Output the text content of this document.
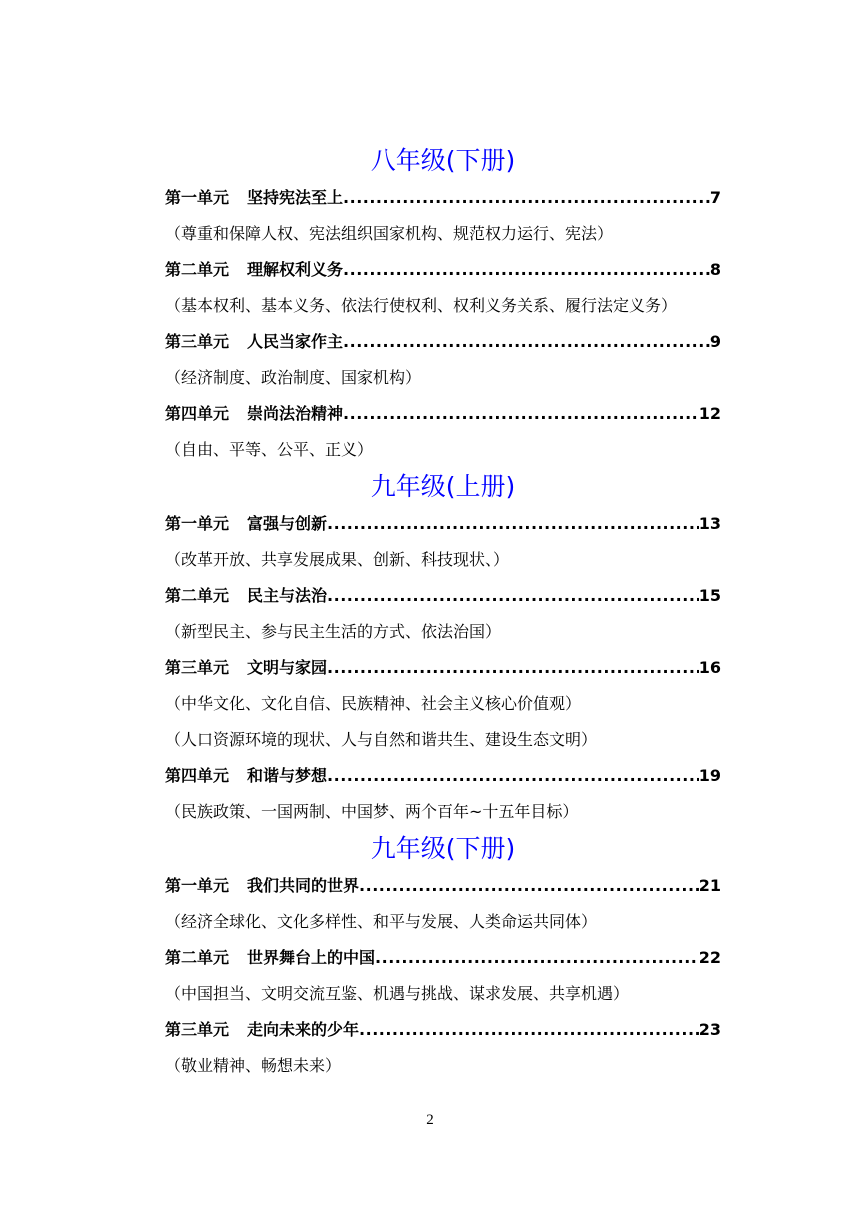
八年级(下册)
第一单元 坚持宪法至上 .....	7
（尊重和保障人权、宪法组织国家机构、规范权力运行、宪法）
第二单元 理解权利义务 .....	8
（基本权利、基本义务、依法行使权利、权利义务关系、履行法定义务）
第三单元 人民当家作主 .....	9
（经济制度、政治制度、国家机构）
第四单元 崇尚法治精神 .....	12
（自由、平等、公平、正义）
九年级(上册)
第一单元 富强与创新 .....	13
（改革开放、共享发展成果、创新、科技现状、）
第二单元 民主与法治 .....	15
（新型民主、参与民主生活的方式、依法治国）
第三单元 文明与家园 .....	16
（中华文化、文化自信、民族精神、社会主义核心价值观）
（人口资源环境的现状、人与自然和谐共生、建设生态文明）
第四单元 和谐与梦想 .....	19
（民族政策、一国两制、中国梦、两个百年~十五年目标）
九年级(下册)
第一单元 我们共同的世界 .....	21
（经济全球化、文化多样性、和平与发展、人类命运共同体）
第二单元 世界舞台上的中国 .....	22
（中国担当、文明交流互鉴、机遇与挑战、谋求发展、共享机遇）
第三单元 走向未来的少年 .....	23
（敬业精神、畅想未来）
2
